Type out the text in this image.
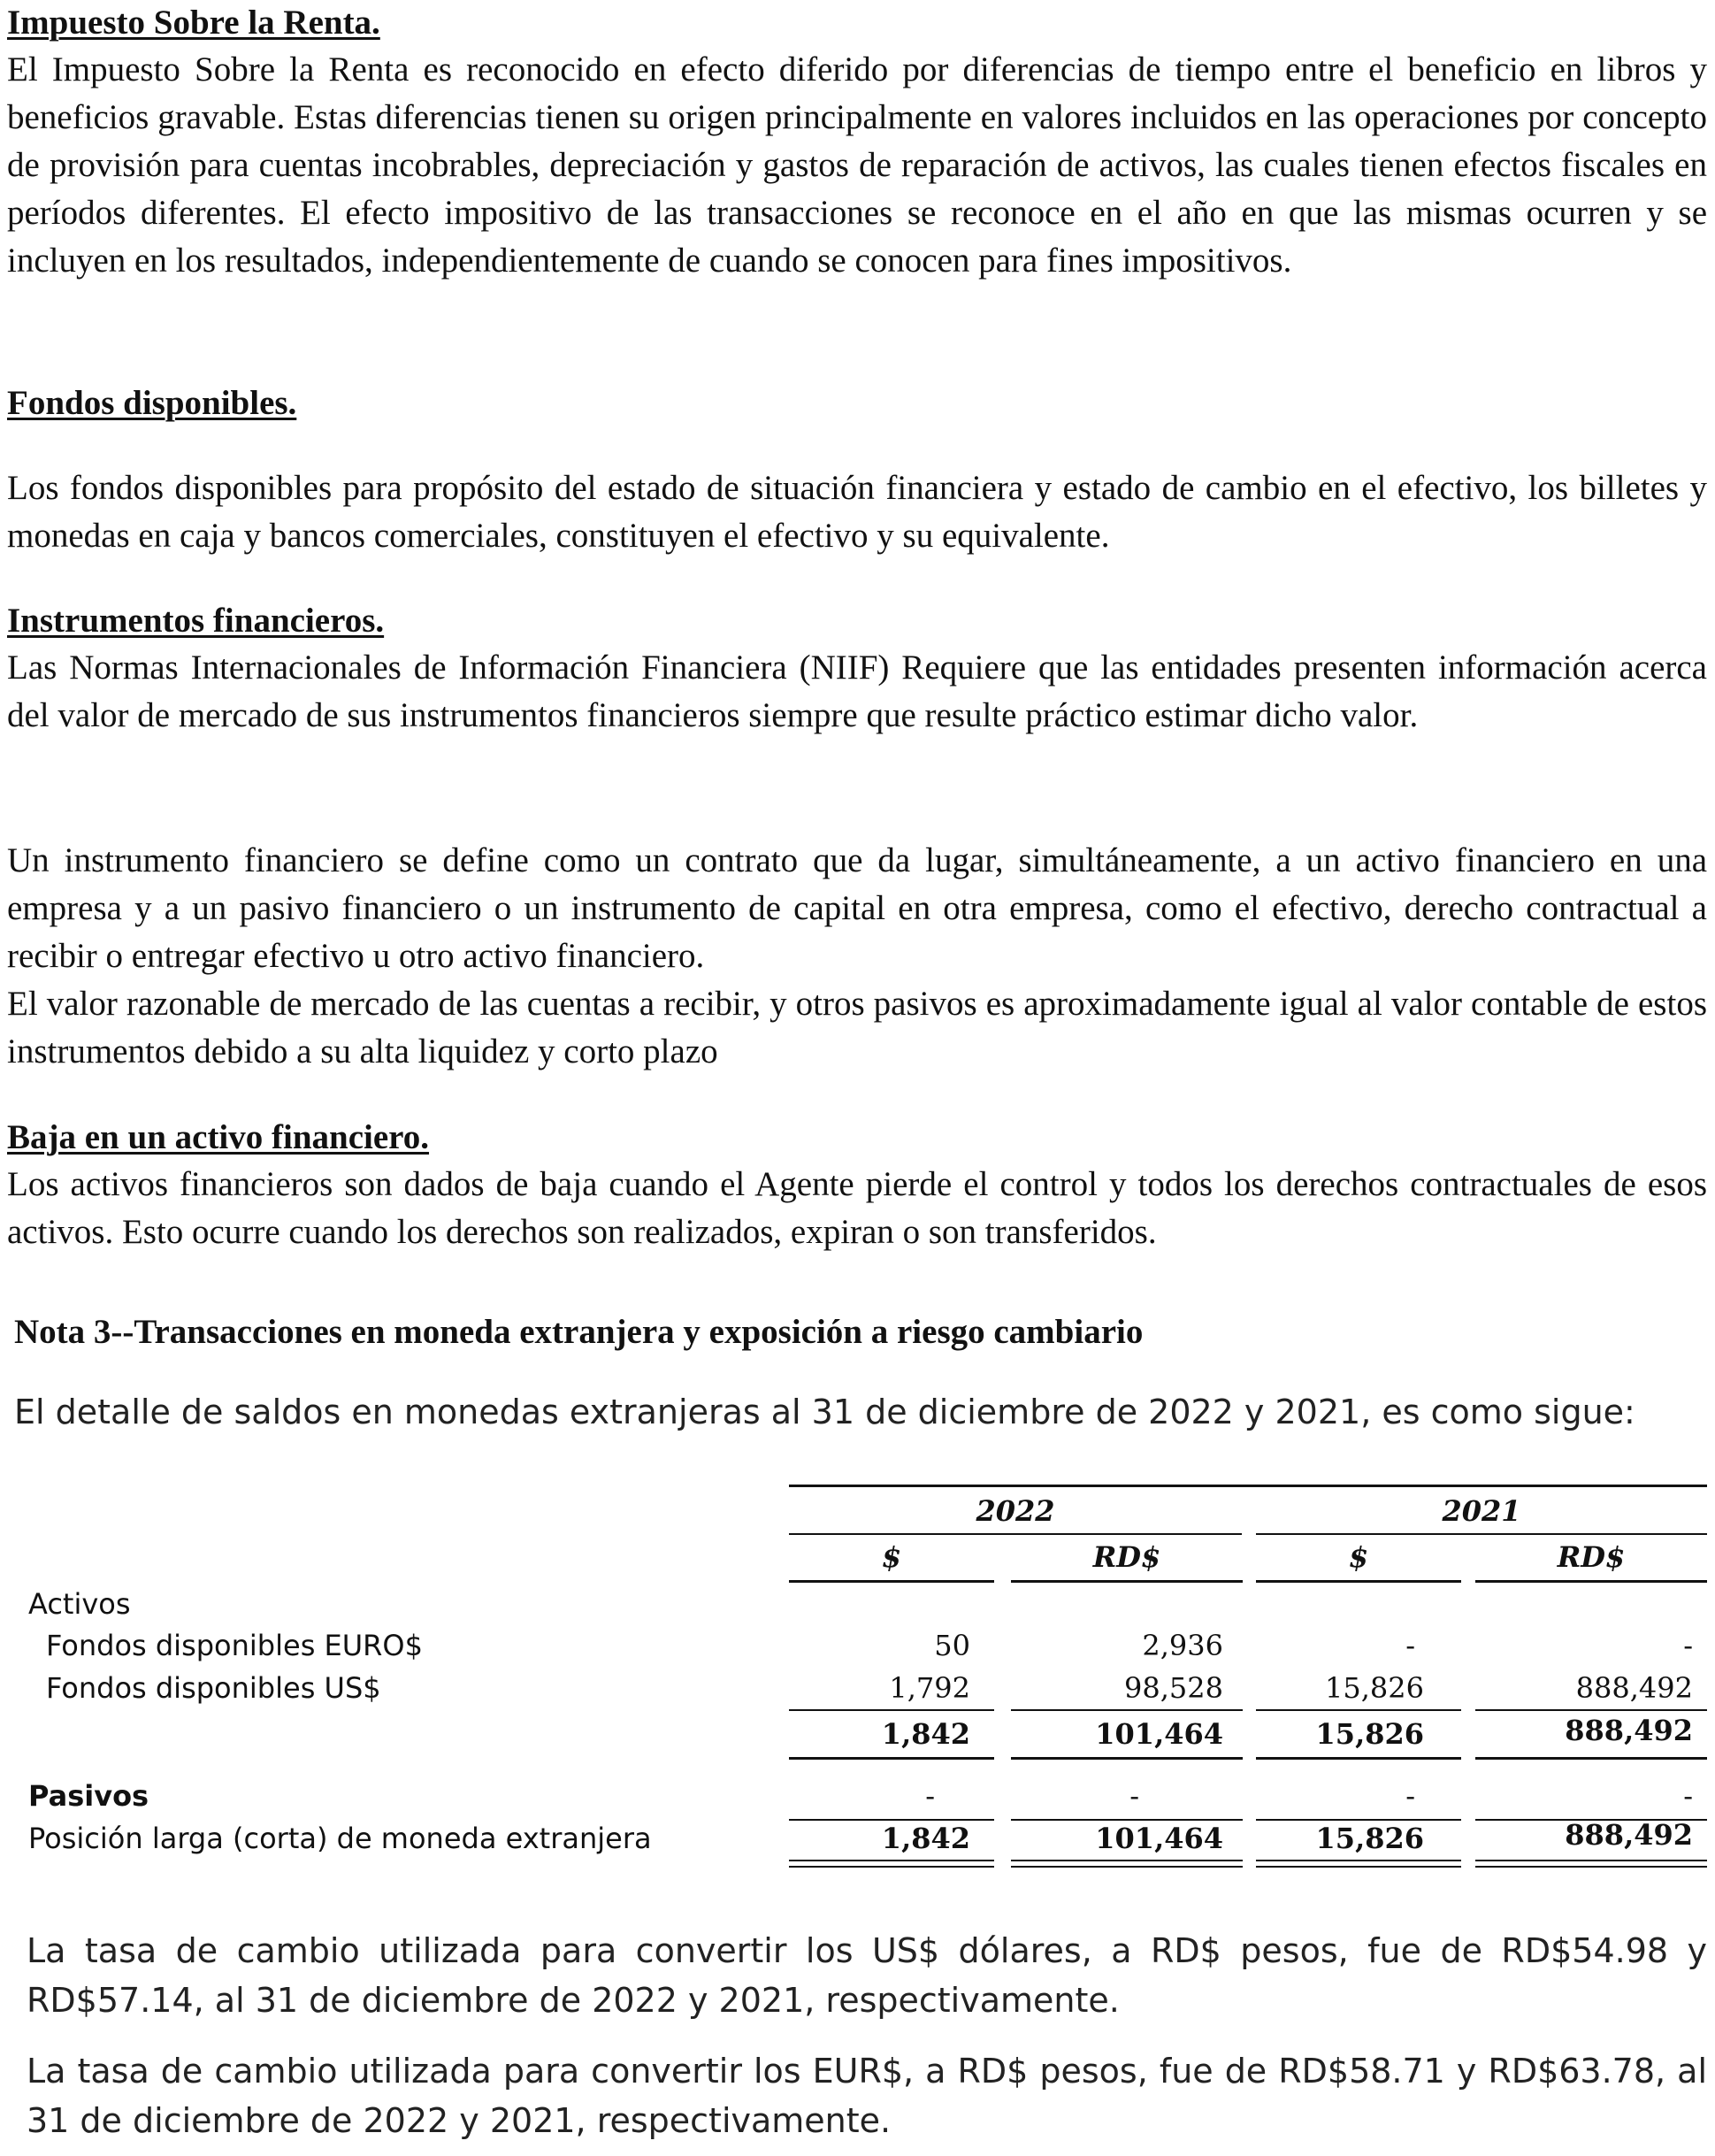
Impuesto Sobre la Renta.

El Impuesto Sobre la Renta es reconocido en efecto diferido por diferencias de tiempo entre el beneficio en libros y beneficios gravable. Estas diferencias tienen su origen principalmente en valores incluidos en las operaciones por concepto de provisión para cuentas incobrables, depreciación y gastos de reparación de activos, las cuales tienen efectos fiscales en períodos diferentes. El efecto impositivo de las transacciones se reconoce en el año en que las mismas ocurren y se incluyen en los resultados, independientemente de cuando se conocen para fines impositivos.

Fondos disponibles.

Los fondos disponibles para propósito del estado de situación financiera y estado de cambio en el efectivo, los billetes y monedas en caja y bancos comerciales, constituyen el efectivo y su equivalente.

Instrumentos financieros.

Las Normas Internacionales de Información Financiera (NIIF) Requiere que las entidades presenten información acerca del valor de mercado de sus instrumentos financieros siempre que resulte práctico estimar dicho valor.

Un instrumento financiero se define como un contrato que da lugar, simultáneamente, a un activo financiero en una empresa y a un pasivo financiero o un instrumento de capital en otra empresa, como el efectivo, derecho contractual a recibir o entregar efectivo u otro activo financiero.

El valor razonable de mercado de las cuentas a recibir, y otros pasivos es aproximadamente igual al valor contable de estos instrumentos debido a su alta liquidez y corto plazo

Baja en un activo financiero.

Los activos financieros son dados de baja cuando el Agente pierde el control y todos los derechos contractuales de esos activos. Esto ocurre cuando los derechos son realizados, expiran o son transferidos.

Nota 3--Transacciones en moneda extranjera y exposición a riesgo cambiario

El detalle de saldos en monedas extranjeras al 31 de diciembre de 2022 y 2021, es como sigue:

2022	2021
$	RD$	$	RD$
Activos
Fondos disponibles EURO$	50	2,936	-	-
Fondos disponibles US$	1,792	98,528	15,826	888,492
1,842	101,464	15,826	888,492
Pasivos	-	-	-	-
Posición larga (corta) de moneda extranjera	1,842	101,464	15,826	888,492

La tasa de cambio utilizada para convertir los US$ dólares, a RD$ pesos, fue de RD$54.98 y RD$57.14, al 31 de diciembre de 2022 y 2021, respectivamente.

La tasa de cambio utilizada para convertir los EUR$, a RD$ pesos, fue de RD$58.71 y RD$63.78, al 31 de diciembre de 2022 y 2021, respectivamente.
